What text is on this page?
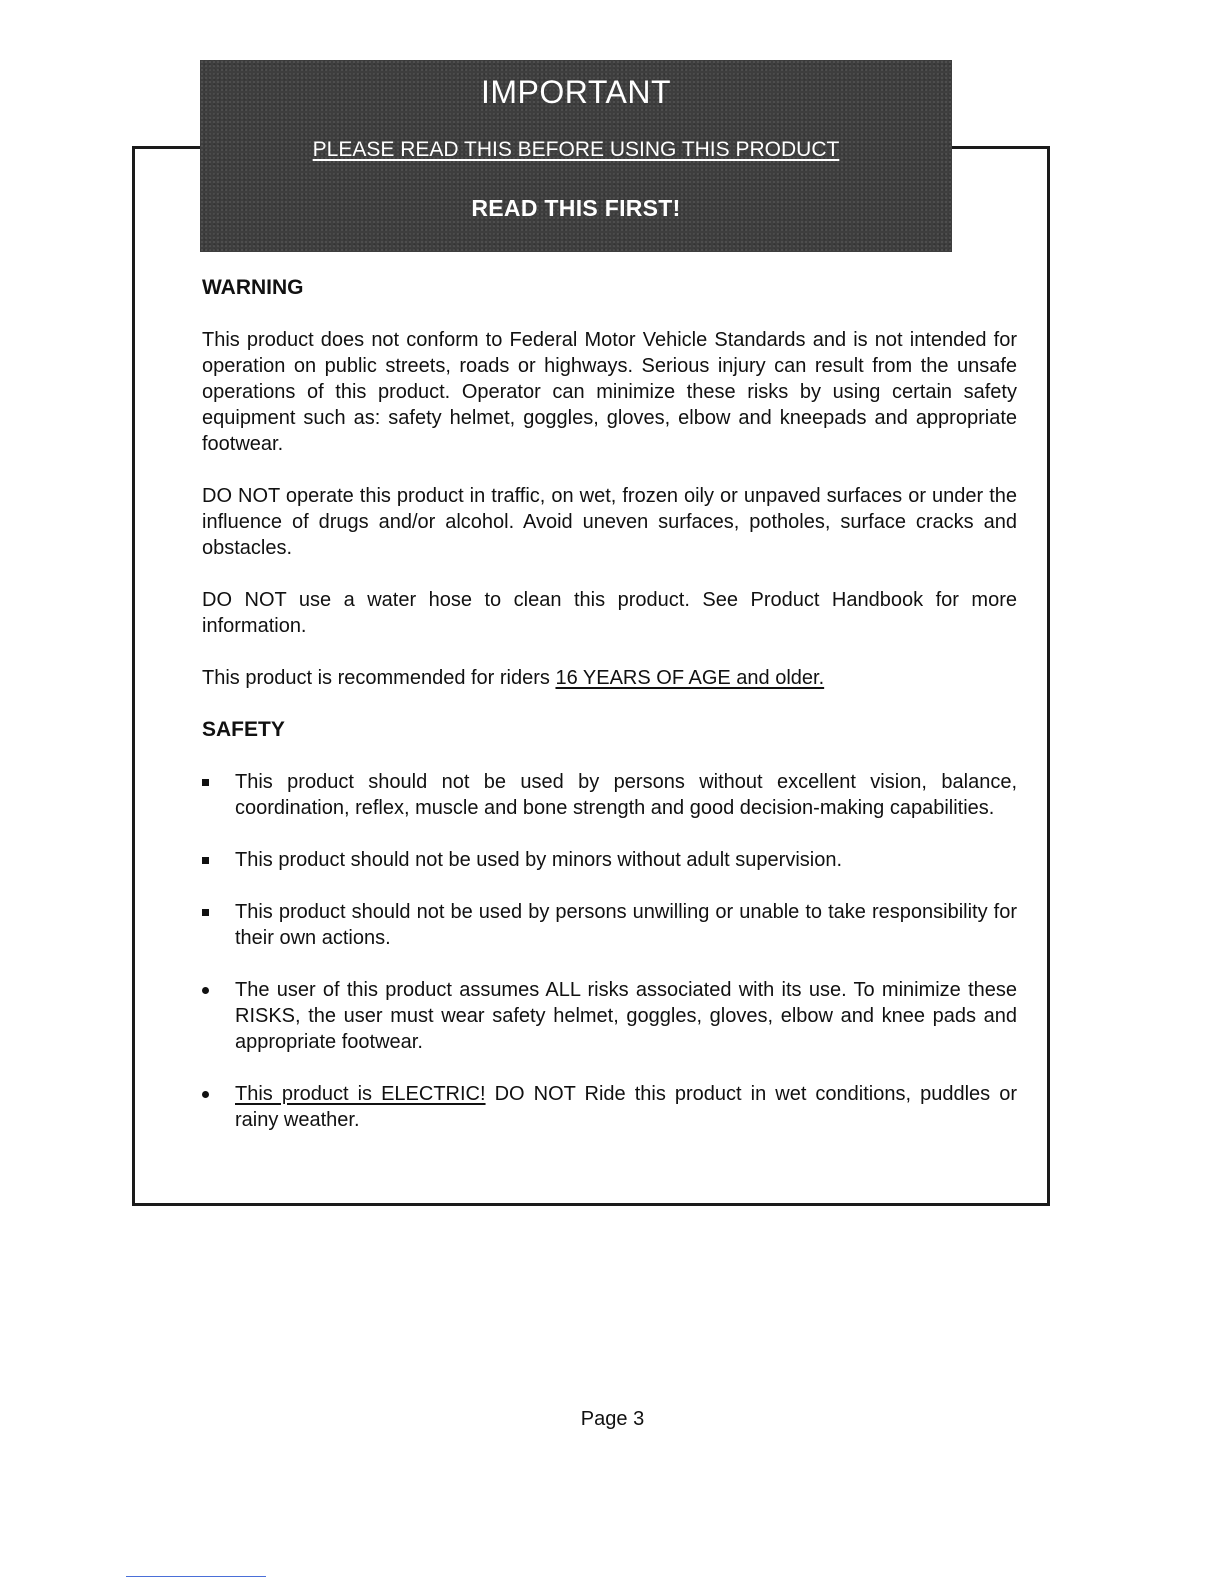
IMPORTANT
PLEASE READ THIS BEFORE USING THIS PRODUCT
READ THIS FIRST!
WARNING
This product does not conform to Federal Motor Vehicle Standards and is not intended for operation on public streets, roads or highways. Serious injury can result from the unsafe operations of this product. Operator can minimize these risks by using certain safety equipment such as: safety helmet, goggles, gloves, elbow and kneepads and appropriate footwear.
DO NOT operate this product in traffic, on wet, frozen oily or unpaved surfaces or under the influence of drugs and/or alcohol. Avoid uneven surfaces, potholes, surface cracks and obstacles.
DO NOT use a water hose to clean this product. See Product Handbook for more information.
This product is recommended for riders 16 YEARS OF AGE and older.
SAFETY
This product should not be used by persons without excellent vision, balance, coordination, reflex, muscle and bone strength and good decision-making capabilities.
This product should not be used by minors without adult supervision.
This product should not be used by persons unwilling or unable to take responsibility for their own actions.
The user of this product assumes ALL risks associated with its use. To minimize these RISKS, the user must wear safety helmet, goggles, gloves, elbow and knee pads and appropriate footwear.
This product is ELECTRIC! DO NOT Ride this product in wet conditions, puddles or rainy weather.
Page 3
